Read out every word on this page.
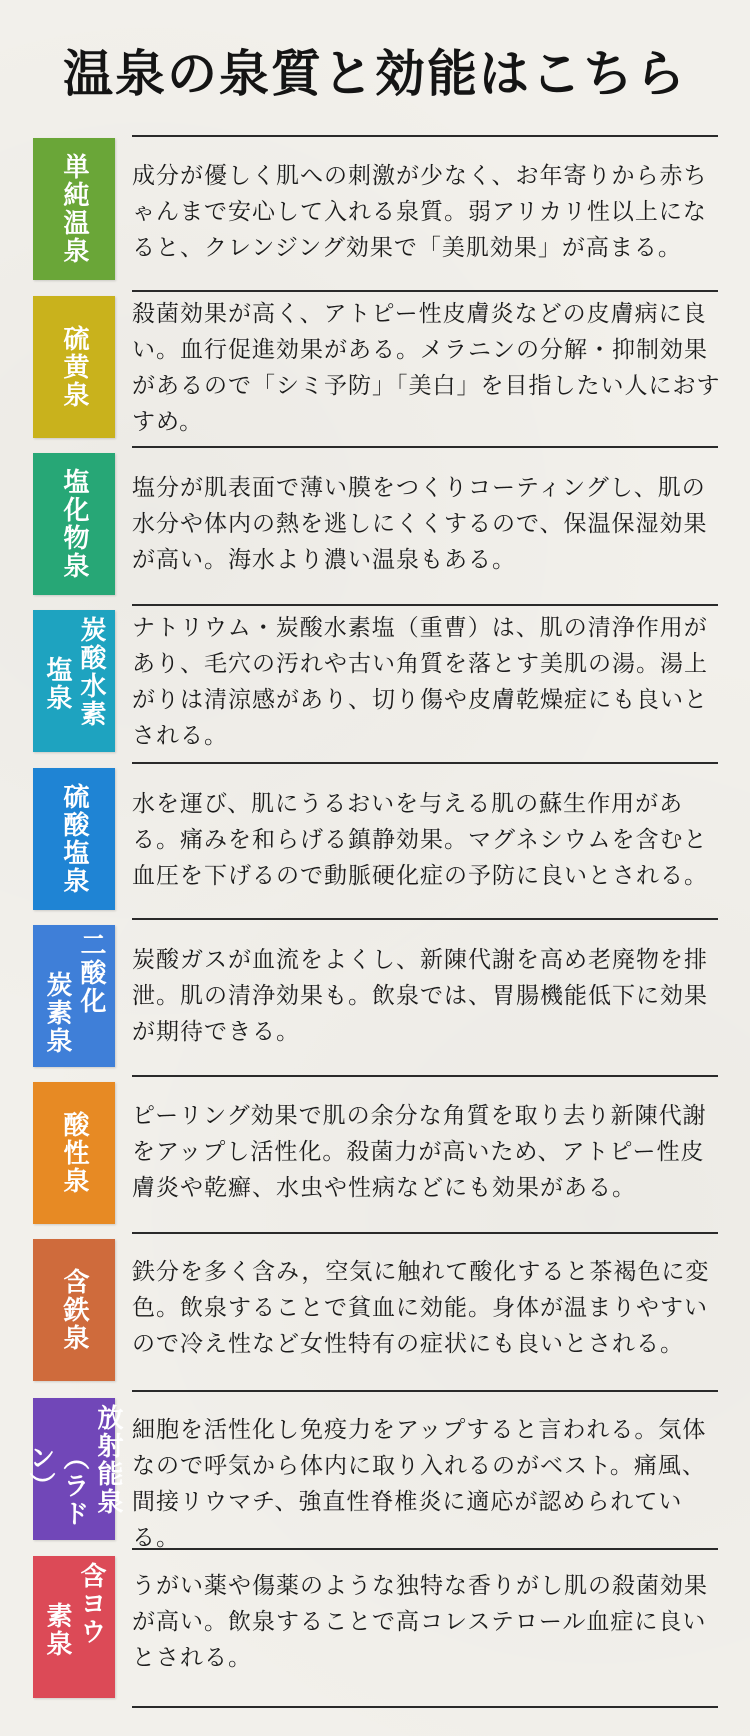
温泉の泉質と効能はこちら
単純温泉 成分が優しく肌への刺激が少なく、お年寄りから赤ちゃんまで安心して入れる泉質。弱アリカリ性以上になると、クレンジング効果で「美肌効果」が高まる。
硫黄泉
殺菌効果が高く、アトピー性皮膚炎などの皮膚病に良い。血行促進効果がある。メラニンの分解・抑制効果があるので「シミ予防」「美白」を目指したい人におすすめ。
塩化物泉 塩分が肌表面で薄い膜をつくりコーティングし、肌の水分や体内の熱を逃しにくくするので、保温保湿効果が高い。海水より濃い温泉もある。
炭酸水素
塩泉
ナトリウム・炭酸水素塩（重曹）は、肌の清浄作用があり、毛穴の汚れや古い角質を落とす美肌の湯。湯上がりは清涼感があり、切り傷や皮膚乾燥症にも良いとされる。
硫酸塩泉 水を運び、肌にうるおいを与える肌の蘇生作用がある。痛みを和らげる鎮静効果。マグネシウムを含むと血圧を下げるので動脈硬化症の予防に良いとされる。
二酸化
炭素泉
炭酸ガスが血流をよくし、新陳代謝を高め老廃物を排泄。肌の清浄効果も。飲泉では、胃腸機能低下に効果が期待できる。
酸性泉 ピーリング効果で肌の余分な角質を取り去り新陳代謝をアップし活性化。殺菌力が高いため、アトピー性皮膚炎や乾癬、水虫や性病などにも効果がある。
含鉄泉 鉄分を多く含み，空気に触れて酸化すると茶褐色に変色。飲泉することで貧血に効能。身体が温まりやすいので冷え性など女性特有の症状にも良いとされる。
放射能泉
（ラドン）
細胞を活性化し免疫力をアップすると言われる。気体なので呼気から体内に取り入れるのがベスト。痛風、間接リウマチ、強直性脊椎炎に適応が認められている。
含ヨウ
素泉
うがい薬や傷薬のような独特な香りがし肌の殺菌効果が高い。飲泉することで高コレステロール血症に良いとされる。
